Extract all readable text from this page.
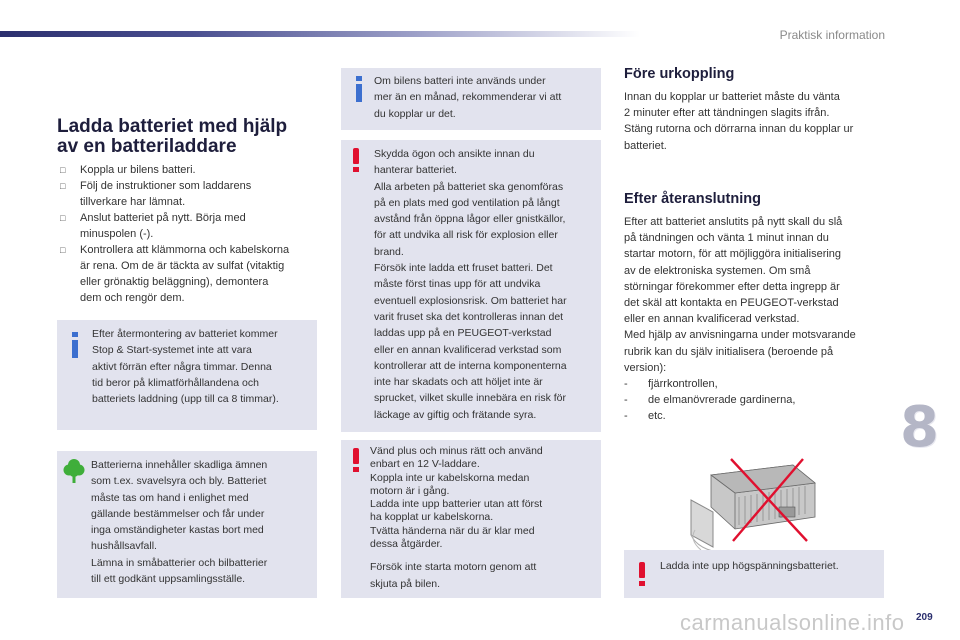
Praktisk information
Ladda batteriet med hjälp
av en batteriladdare
□ Koppla ur bilens batteri.
□ Följ de instruktioner som laddarens
tillverkare har lämnat.
□ Anslut batteriet på nytt. Börja med
minuspolen (-).
□ Kontrollera att klämmorna och kabelskorna
är rena. Om de är täckta av sulfat (vitaktig
eller grönaktig beläggning), demontera
dem och rengör dem.

Efter återmontering av batteriet kommer

Stop & Start-systemet inte att vara

aktivt förrän efter några timmar. Denna

tid beror på klimatförhållandena och

batteriets laddning (upp till ca 8 timmar).

Batterierna innehåller skadliga ämnen

som t.ex. svavelsyra och bly. Batteriet

måste tas om hand i enlighet med

gällande bestämmelser och får under

inga omständigheter kastas bort med

hushållsavfall.

Lämna in småbatterier och bilbatterier

till ett godkänt uppsamlingsställe.

Om bilens batteri inte används under

mer än en månad, rekommenderar vi att

du kopplar ur det.

Skydda ögon och ansikte innan du

hanterar batteriet.

Alla arbeten på batteriet ska genomföras

på en plats med god ventilation på långt

avstånd från öppna lågor eller gnistkällor,

för att undvika all risk för explosion eller

brand.

Försök inte ladda ett fruset batteri. Det

måste först tinas upp för att undvika

eventuell explosionsrisk. Om batteriet har

varit fruset ska det kontrolleras innan det

laddas upp på en PEUGEOT-verkstad

eller en annan kvalificerad verkstad som

kontrollerar att de interna komponenterna

inte har skadats och att höljet inte är

sprucket, vilket skulle innebära en risk för

läckage av giftig och frätande syra.

Vänd plus och minus rätt och använd

enbart en 12 V-laddare.

Koppla inte ur kabelskorna medan

motorn är i gång.

Ladda inte upp batterier utan att först

ha kopplat ur kabelskorna.

Tvätta händerna när du är klar med

dessa åtgärder.

Försök inte starta motorn genom att

skjuta på bilen.

Före urkoppling

Innan du kopplar ur batteriet måste du vänta

2 minuter efter att tändningen slagits ifrån.

Stäng rutorna och dörrarna innan du kopplar ur

batteriet.

Efter återanslutning

Efter att batteriet anslutits på nytt skall du slå

på tändningen och vänta 1 minut innan du

startar motorn, för att möjliggöra initialisering

av de elektroniska systemen. Om små

störningar förekommer efter detta ingrepp är

det skäl att kontakta en PEUGEOT-verkstad

eller en annan kvalificerad verkstad.

Med hjälp av anvisningarna under motsvarande

rubrik kan du själv initialisera (beroende på

version):

- fjärrkontrollen,
- de elmanövrerade gardinerna,
- etc.	8
Ladda inte upp högspänningsbatteriet.
carmanualsonline.info 209
